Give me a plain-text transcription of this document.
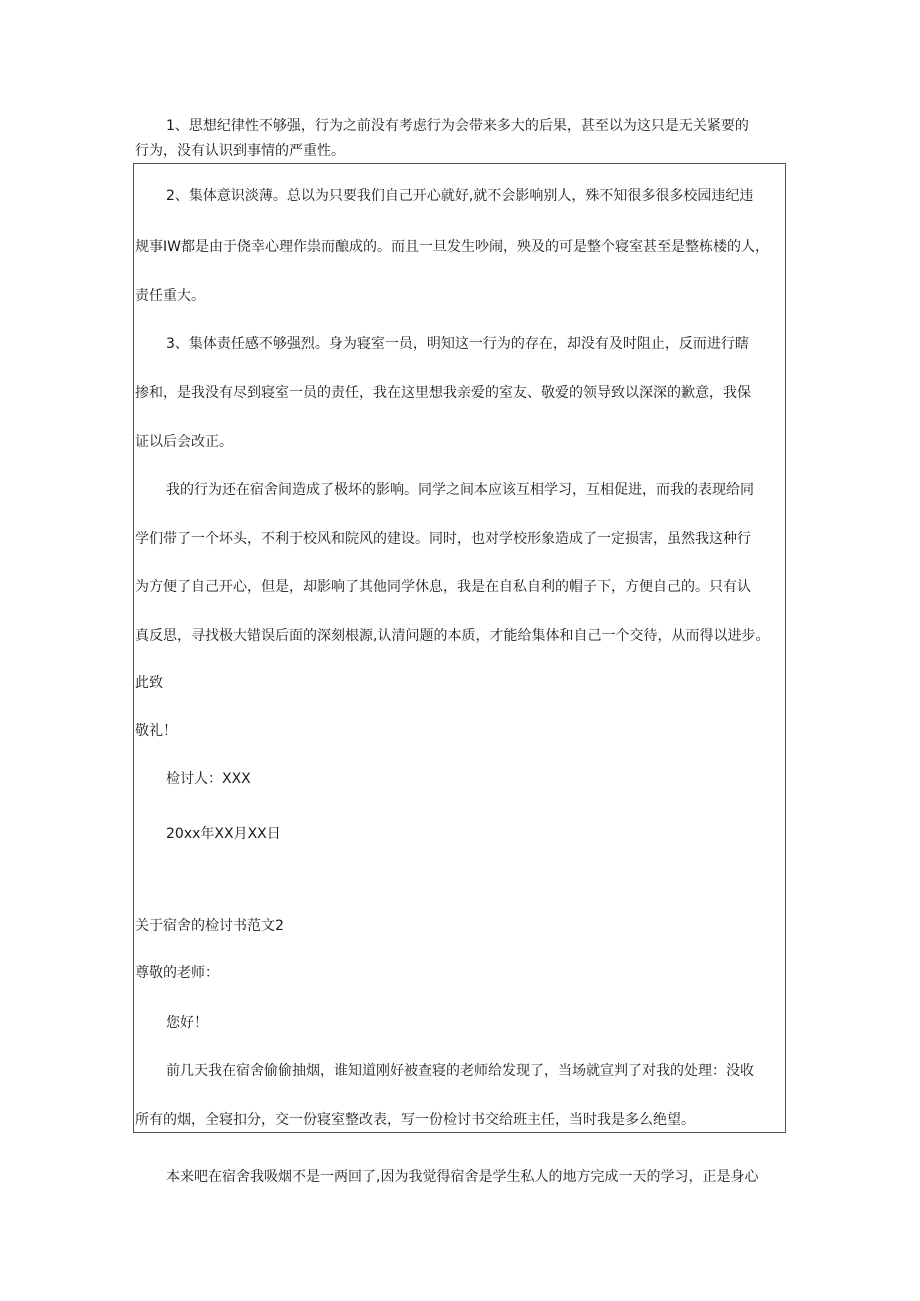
1、思想纪律性不够强，行为之前没有考虑行为会带来多大的后果，甚至以为这只是无关紧要的
行为，没有认识到事情的严重性。
2、集体意识淡薄。总以为只要我们自己开心就好,就不会影响别人，殊不知很多很多校园违纪违
规事IW都是由于侥幸心理作祟而酿成的。而且一旦发生吵闹，殃及的可是整个寝室甚至是整栋楼的人，
责任重大。
3、集体责任感不够强烈。身为寝室一员，明知这一行为的存在，却没有及时阻止，反而进行瞎
掺和，是我没有尽到寝室一员的责任，我在这里想我亲爱的室友、敬爱的领导致以深深的歉意，我保
证以后会改正。
我的行为还在宿舍间造成了极坏的影响。同学之间本应该互相学习，互相促进，而我的表现给同
学们带了一个坏头，不利于校风和院风的建设。同时，也对学校形象造成了一定损害，虽然我这种行
为方便了自己开心，但是，却影响了其他同学休息，我是在自私自利的帽子下，方便自己的。只有认
真反思，寻找极大错误后面的深刻根源,认清问题的本质，才能给集体和自己一个交待，从而得以进步。
此致
敬礼！
检讨人：XXX
20xx年XX月XX日
关于宿舍的检讨书范文2
尊敬的老师：
您好！
前几天我在宿舍偷偷抽烟，谁知道刚好被查寝的老师给发现了，当场就宣判了对我的处理：没收
所有的烟，全寝扣分，交一份寝室整改表，写一份检讨书交给班主任，当时我是多么绝望。
本来吧在宿舍我吸烟不是一两回了,因为我觉得宿舍是学生私人的地方完成一天的学习，正是身心
